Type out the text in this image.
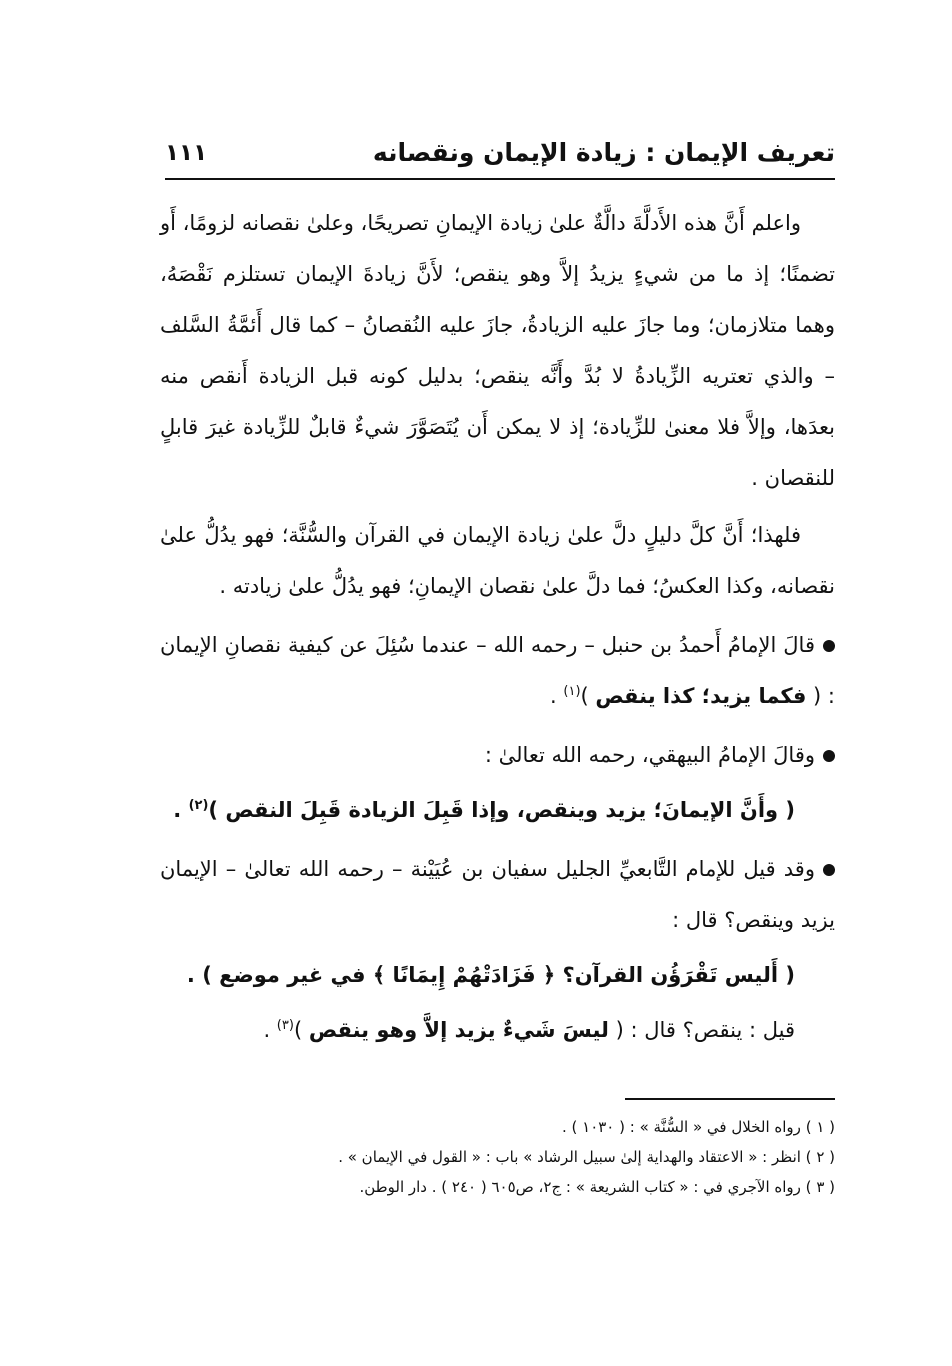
تعريف الإيمان : زيادة الإيمان ونقصانه
١١١

واعلم أَنَّ هذه الأَدلَّةَ دالَّةٌ علىٰ زيادة الإيمانِ تصريحًا، وعلىٰ نقصانه لزومًا، أَو تضمنًا؛ إذ ما من شيءٍ يزيدُ إلاَّ وهو ينقص؛ لأَنَّ زيادةَ الإيمان تستلزم نَقْصَهُ، وهما متلازمان؛ وما جازَ عليه الزيادةُ، جازَ عليه النُقصانُ – كما قال أَئمَّةُ السَّلف – والذي تعتريه الزِّيادةُ لا بُدَّ وأَنَّه ينقص؛ بدليل كونه قبل الزيادة أَنقص منه بعدَها، وإلاَّ فلا معنىٰ للزِّيادة؛ إذ لا يمكن أَن يُتَصَوَّرَ شيءٌ قابلٌ للزِّيادة غيرَ قابلٍ للنقصان .

فلهذا؛ أَنَّ كلَّ دليلٍ دلَّ علىٰ زيادة الإيمان في القرآن والسُّنَّة؛ فهو يدُلُّ علىٰ نقصانه، وكذا العكسُ؛ فما دلَّ علىٰ نقصان الإيمانِ؛ فهو يدُلُّ علىٰ زيادته .

قالَ الإمامُ أَحمدُ بن حنبل – رحمه الله – عندما سُئِلَ عن كيفية نقصانِ الإيمان : ( فكما يزيد؛ كذا ينقص )$^{(١)}$ .

وقالَ الإمامُ البيهقي، رحمه الله تعالىٰ :

( وأَنَّ الإيمانَ؛ يزيد وينقص، وإذا قَبِلَ الزيادة قَبِلَ النقص )$^{(٢)}$ .

وقد قيل للإمام التَّابعيِّ الجليل سفيان بن عُيَيْنة – رحمه الله تعالىٰ – الإيمان يزيد وينقص؟ قال :

( أَليس تَقْرَؤُن القرآن؟ ﴿ فَزَادَتْهُمْ إِيمَانًا ﴾ في غير موضع ) .

قيل : ينقص؟ قال : ( ليسَ شَيءٌ يزيد إلاَّ وهو ينقص )$^{(٣)}$ .

( ١ ) رواه الخلال في « السُّنَّة » : ( ١٠٣٠ ) .

( ٢ ) انظر : « الاعتقاد والهداية إلىٰ سبيل الرشاد » باب : « القول في الإيمان » .

( ٣ ) رواه الآجري في : « كتاب الشريعة » : ج٢، ص٦٠٥ ( ٢٤٠ ) . دار الوطن.
